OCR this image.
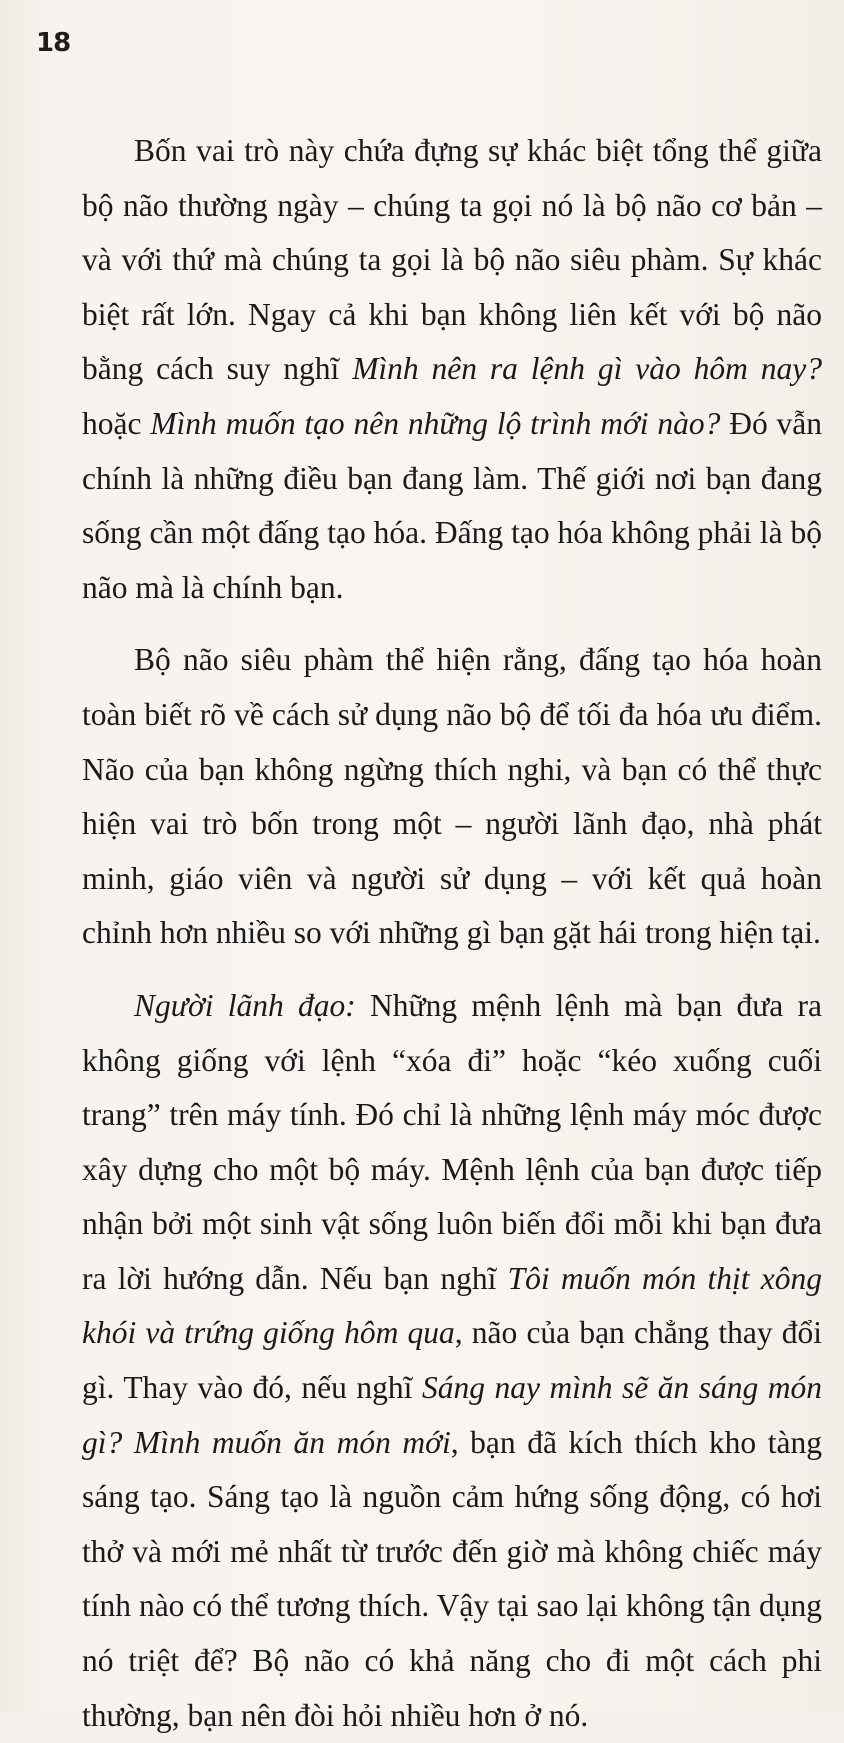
18

Bốn vai trò này chứa đựng sự khác biệt tổng thể giữa bộ não thường ngày – chúng ta gọi nó là bộ não cơ bản – và với thứ mà chúng ta gọi là bộ não siêu phàm. Sự khác biệt rất lớn. Ngay cả khi bạn không liên kết với bộ não bằng cách suy nghĩ Mình nên ra lệnh gì vào hôm nay? hoặc Mình muốn tạo nên những lộ trình mới nào? Đó vẫn chính là những điều bạn đang làm. Thế giới nơi bạn đang sống cần một đấng tạo hóa. Đấng tạo hóa không phải là bộ não mà là chính bạn.

Bộ não siêu phàm thể hiện rằng, đấng tạo hóa hoàn toàn biết rõ về cách sử dụng não bộ để tối đa hóa ưu điểm. Não của bạn không ngừng thích nghi, và bạn có thể thực hiện vai trò bốn trong một – người lãnh đạo, nhà phát minh, giáo viên và người sử dụng – với kết quả hoàn chỉnh hơn nhiều so với những gì bạn gặt hái trong hiện tại.

Người lãnh đạo: Những mệnh lệnh mà bạn đưa ra không giống với lệnh “xóa đi” hoặc “kéo xuống cuối trang” trên máy tính. Đó chỉ là những lệnh máy móc được xây dựng cho một bộ máy. Mệnh lệnh của bạn được tiếp nhận bởi một sinh vật sống luôn biến đổi mỗi khi bạn đưa ra lời hướng dẫn. Nếu bạn nghĩ Tôi muốn món thịt xông khói và trứng giống hôm qua, não của bạn chẳng thay đổi gì. Thay vào đó, nếu nghĩ Sáng nay mình sẽ ăn sáng món gì? Mình muốn ăn món mới, bạn đã kích thích kho tàng sáng tạo. Sáng tạo là nguồn cảm hứng sống động, có hơi thở và mới mẻ nhất từ trước đến giờ mà không chiếc máy tính nào có thể tương thích. Vậy tại sao lại không tận dụng nó triệt để? Bộ não có khả năng cho đi một cách phi thường, bạn nên đòi hỏi nhiều hơn ở nó.
